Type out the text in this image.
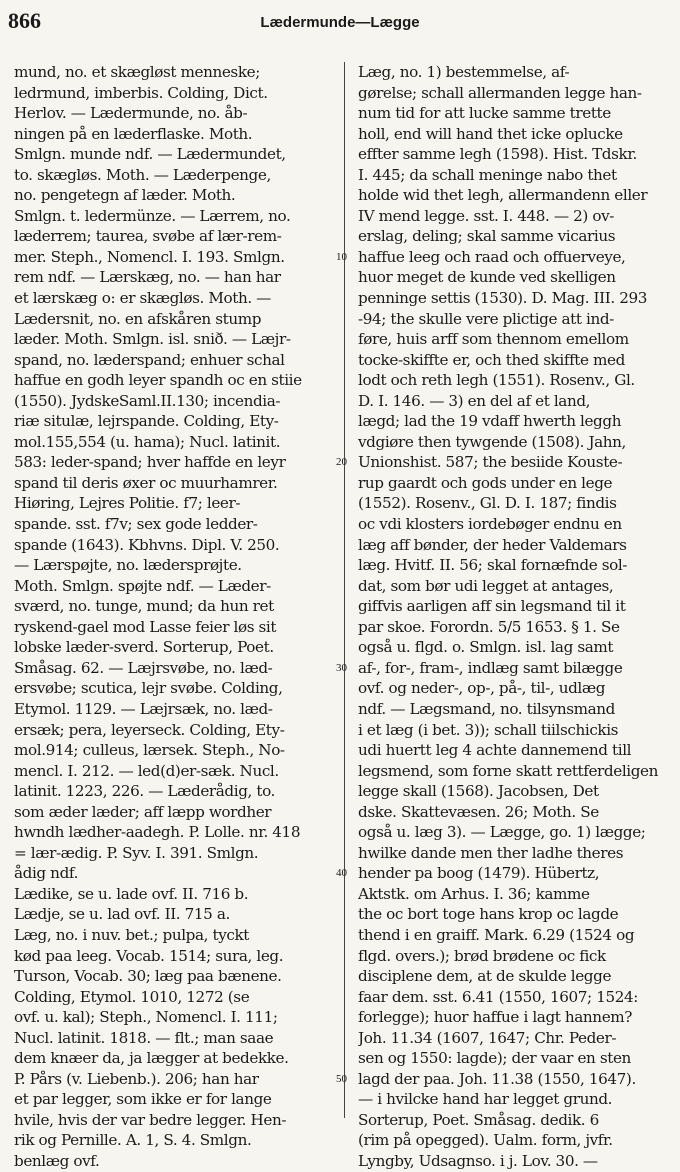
866	Lædermunde—Lægge
mund, no. et skægløst menneske;
ledrmund, imberbis. Colding, Dict.
Herlov. — Lædermunde, no. åb-
ningen på en læderflaske. Moth.
Smlgn. munde ndf. — Lædermundet,
to. skægløs. Moth. — Læderpenge,
no. pengetegn af læder. Moth.
Smlgn. t. ledermünze. — Lærrem, no.
læderrem; taurea, svøbe af lær-rem-
mer. Steph., Nomencl. I. 193. Smlgn.
rem ndf. — Lærskæg, no. — han har
et lærskæg o: er skægløs. Moth. —
Lædersnit, no. en afskåren stump
læder. Moth. Smlgn. isl. snið. — Læjr-
spand, no. læderspand; enhuer schal
haffue en godh leyer spandh oc en stiie
(1550). JydskeSaml.II.130; incendia-
riæ situlæ, lejrspande. Colding, Ety-
mol.155,554 (u. hama); Nucl. latinit.
583: leder-spand; hver haffde en leyr
spand til deris øxer oc muurhamrer.
Hiøring, Lejres Politie. f7; leer-
spande. sst. f7v; sex gode ledder-
spande (1643). Kbhvns. Dipl. V. 250.
— Lærspøjte, no. lædersprøjte.
Moth. Smlgn. spøjte ndf. — Læder-
sværd, no. tunge, mund; da hun ret
ryskend-gael mod Lasse feier løs sit
lobske læder-sverd. Sorterup, Poet.
Småsag. 62. — Læjrsvøbe, no. læd-
ersvøbe; scutica, lejr svøbe. Colding,
Etymol. 1129. — Læjrsæk, no. læd-
ersæk; pera, leyerseck. Colding, Ety-
mol.914; culleus, lærsek. Steph., No-
mencl. I. 212. — led(d)er-sæk. Nucl.
latinit. 1223, 226. — Læderådig, to.
som æder læder; aff læpp wordher
hwndh lædher-aadegh. P. Lolle. nr. 418
= lær-ædig. P. Syv. I. 391. Smlgn.
ådig ndf.
Lædike, se u. lade ovf. II. 716 b.
Lædje, se u. lad ovf. II. 715 a.
Læg, no. i nuv. bet.; pulpa, tyckt
kød paa leeg. Vocab. 1514; sura, leg.
Turson, Vocab. 30; læg paa bænene.
Colding, Etymol. 1010, 1272 (se
ovf. u. kal); Steph., Nomencl. I. 111;
Nucl. latinit. 1818. — flt.; man saae
dem knæer da, ja lægger at bedekke.
P. Pårs (v. Liebenb.). 206; han har
et par legger, som ikke er for lange
hvile, hvis der var bedre legger. Hen-
rik og Pernille. A. 1, S. 4. Smlgn.
benlæg ovf.
Læg, no. 1) bestemmelse, af-
gørelse; schall allermanden legge han-
num tid for att lucke samme trette
holl, end will hand thet icke oplucke
effter samme legh (1598). Hist. Tdskr.
I. 445; da schall meninge nabo thet
holde wid thet legh, allermandenn eller
IV mend legge. sst. I. 448. — 2) ov-
erslag, deling; skal samme vicarius
haffue leeg och raad och offuerveye,
huor meget de kunde ved skelligen
penninge settis (1530). D. Mag. III. 293
-94; the skulle vere plictige att ind-
føre, huis arff som thennom emellom
tocke-skiffte er, och thed skiffte med
lodt och reth legh (1551). Rosenv., Gl.
D. I. 146. — 3) en del af et land,
lægd; lad the 19 vdaff hwerth leggh
vdgiøre then tywgende (1508). Jahn,
Unionshist. 587; the besiide Kouste-
rup gaardt och gods under en lege
(1552). Rosenv., Gl. D. I. 187; findis
oc vdi klosters iordebøger endnu en
læg aff bønder, der heder Valdemars
læg. Hvitf. II. 56; skal fornæfnde sol-
dat, som bør udi legget at antages,
giffvis aarligen aff sin legsmand til it
par skoe. Forordn. 5/5 1653. § 1. Se
også u. flgd. o. Smlgn. isl. lag samt
af-, for-, fram-, indlæg samt bilægge
ovf. og neder-, op-, på-, til-, udlæg
ndf. — Lægsmand, no. tilsynsmand
i et læg (i bet. 3)); schall tiilschickis
udi huertt leg 4 achte dannemend till
legsmend, som forne skatt rettferdeligen
legge skall (1568). Jacobsen, Det
dske. Skattevæsen. 26; Moth. Se
også u. læg 3). — Lægge, go. 1) lægge;
hwilke dande men ther ladhe theres
hender pa boog (1479). Hübertz,
Aktstk. om Arhus. I. 36; kamme
the oc bort toge hans krop oc lagde
thend i en graiff. Mark. 6.29 (1524 og
flgd. overs.); brød brødene oc fick
disciplene dem, at de skulde legge
faar dem. sst. 6.41 (1550, 1607; 1524:
forlegge); huor haffue i lagt hannem?
Joh. 11.34 (1607, 1647; Chr. Peder-
sen og 1550: lagde); der vaar en sten
lagd der paa. Joh. 11.38 (1550, 1647).
— i hvilcke hand har legget grund.
Sorterup, Poet. Småsag. dedik. 6
(rim på opegged). Ualm. form, jvfr.
Lyngby, Udsagnso. i j. Lov. 30. —
10
20
30
40
50
